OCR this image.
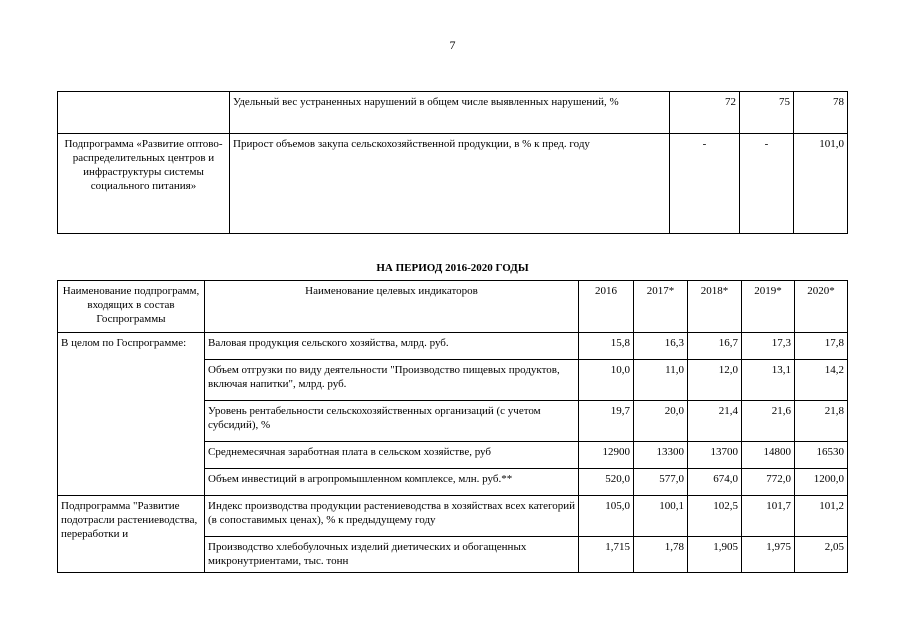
7
	Удельный вес устраненных нарушений в общем числе выявленных нарушений, %	72	75	78
Подпрограмма «Развитие оптово-распределительных центров и инфраструктуры системы социального питания»	Прирост объемов закупа сельскохозяйственной продукции, в % к пред. году	-	-	101,0
НА ПЕРИОД 2016-2020 ГОДЫ
Наименование подпрограмм, входящих в состав Госпрограммы	Наименование целевых индикаторов	2016	2017*	2018*	2019*	2020*
В целом по Госпрограмме:	Валовая продукция сельского хозяйства, млрд. руб.	15,8	16,3	16,7	17,3	17,8
	Объем отгрузки по виду деятельности "Производство пищевых продуктов, включая напитки", млрд. руб.	10,0	11,0	12,0	13,1	14,2
	Уровень рентабельности сельскохозяйственных организаций (с учетом субсидий), %	19,7	20,0	21,4	21,6	21,8
	Среднемесячная заработная плата в сельском хозяйстве, руб	12900	13300	13700	14800	16530
	Объем инвестиций в агропромышленном комплексе, млн. руб.**	520,0	577,0	674,0	772,0	1200,0
Подпрограмма "Развитие подотрасли растениеводства, переработки и	Индекс производства продукции растениеводства в хозяйствах всех категорий (в сопоставимых ценах), % к предыдущему году	105,0	100,1	102,5	101,7	101,2
	Производство хлебобулочных изделий диетических и обогащенных микронутриентами, тыс. тонн	1,715	1,78	1,905	1,975	2,05
